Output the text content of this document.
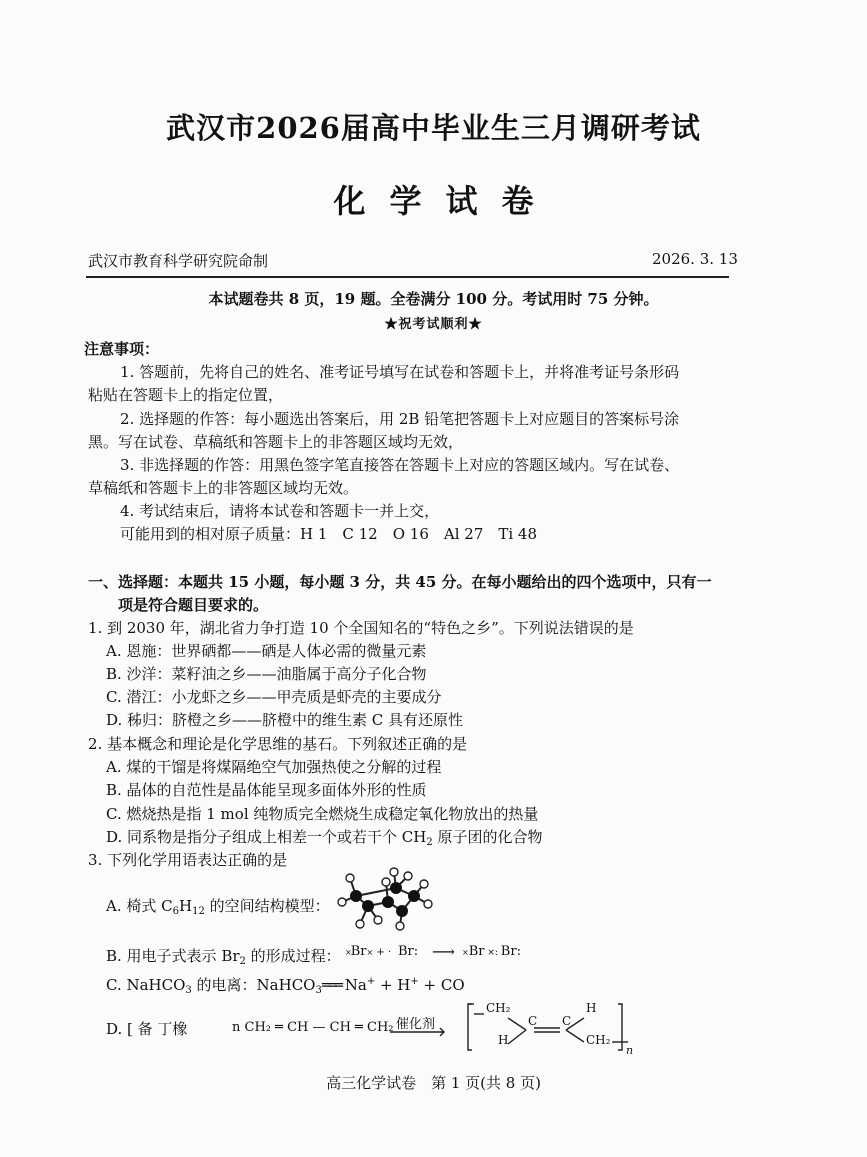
武汉市2026届高中毕业生三月调研考试
化学试卷
武汉市教育科学研究院命制	2026. 3. 13
本试题卷共 8 页，19 题。全卷满分 100 分。考试用时 75 分钟。
★祝考试顺利★
注意事项：
1. 答题前，先将自己的姓名、准考证号填写在试卷和答题卡上，并将准考证号条形码
粘贴在答题卡上的指定位置，
2. 选择题的作答：每小题选出答案后，用 2B 铅笔把答题卡上对应题目的答案标号涂
黑。写在试卷、草稿纸和答题卡上的非答题区域均无效，
3. 非选择题的作答：用黑色签字笔直接答在答题卡上对应的答题区域内。写在试卷、
草稿纸和答题卡上的非答题区域均无效。
4. 考试结束后，请将本试卷和答题卡一并上交，
可能用到的相对原子质量：H 1　C 12　O 16　Al 27　Ti 48
一、选择题：本题共 15 小题，每小题 3 分，共 45 分。在每小题给出的四个选项中，只有一
项是符合题目要求的。
1. 到 2030 年，湖北省力争打造 10 个全国知名的“特色之乡”。下列说法错误的是
A. 恩施：世界硒都——硒是人体必需的微量元素
B. 沙洋：菜籽油之乡——油脂属于高分子化合物
C. 潜江：小龙虾之乡——甲壳质是虾壳的主要成分
D. 秭归：脐橙之乡——脐橙中的维生素 C 具有还原性
2. 基本概念和理论是化学思维的基石。下列叙述正确的是
A. 煤的干馏是将煤隔绝空气加强热使之分解的过程
B. 晶体的自范性是晶体能呈现多面体外形的性质
C. 燃烧热是指 1 mol 纯物质完全燃烧生成稳定氧化物放出的热量
D. 同系物是指分子组成上相差一个或若干个 $CH_2$ 原子团的化合物
3. 下列化学用语表达正确的是
A. 椅式 $C_6H_{12}$ 的空间结构模型：
B. 用电子式表示 $Br_2$ 的形成过程： ×Br× + · Br: ⟶ ×Br ×: Br:
C. NaHCO$_3$ 的电离：NaHCO$_3$═══ Na+ + H+ + CO
D. [ 备 丁橡	n CH₂ ═ CH — CH ═ CH₂ 催化剂
CH₂	H
C C
H	CH₂
n
高三化学试卷　第 1 页(共 8 页)
